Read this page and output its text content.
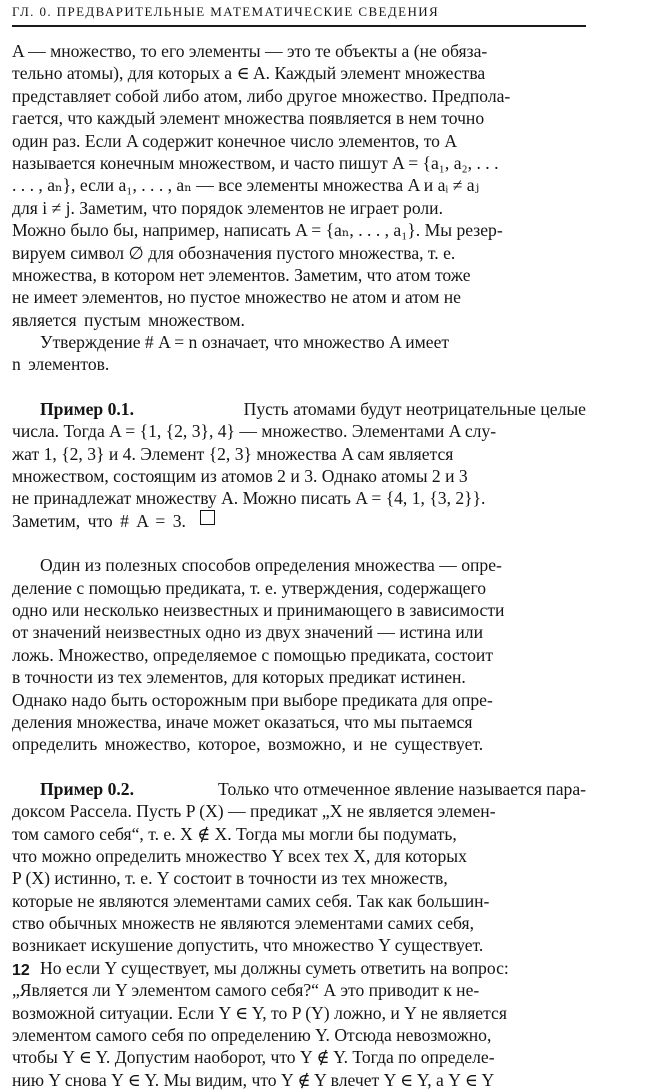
ГЛ. 0. ПРЕДВАРИТЕЛЬНЫЕ МАТЕМАТИЧЕСКИЕ СВЕДЕНИЯ
A — множество, то его элементы — это те объекты a (не обяза-
тельно атомы), для которых a ∈ A. Каждый элемент множества
представляет собой либо атом, либо другое множество. Предпола-
гается, что каждый элемент множества появляется в нем точно
один раз. Если A содержит конечное число элементов, то A
называется конечным множеством, и часто пишут A = {a₁, a₂, . . .
. . . , aₙ}, если a₁, . . . , aₙ — все элементы множества A и aᵢ ≠ aⱼ
для i ≠ j. Заметим, что порядок элементов не играет роли.
Можно было бы, например, написать A = {aₙ, . . . , a₁}. Мы резер-
вируем символ ∅ для обозначения пустого множества, т. е.
множества, в котором нет элементов. Заметим, что атом тоже
не имеет элементов, но пустое множество не атом и атом не
является пустым множеством.
Утверждение # A = n означает, что множество A имеет
n элементов.
Пример 0.1.	Пусть атомами будут неотрицательные целые
числа. Тогда A = {1, {2, 3}, 4} — множество. Элементами A слу-
жат 1, {2, 3} и 4. Элемент {2, 3} множества A сам является
множеством, состоящим из атомов 2 и 3. Однако атомы 2 и 3
не принадлежат множеству A. Можно писать A = {4, 1, {3, 2}}.
Заметим, что # A = 3.
Один из полезных способов определения множества — опре-
деление с помощью предиката, т. е. утверждения, содержащего
одно или несколько неизвестных и принимающего в зависимости
от значений неизвестных одно из двух значений — истина или
ложь. Множество, определяемое с помощью предиката, состоит
в точности из тех элементов, для которых предикат истинен.
Однако надо быть осторожным при выборе предиката для опре-
деления множества, иначе может оказаться, что мы пытаемся
определить множество, которое, возможно, и не существует.
Пример 0.2.	Только что отмеченное явление называется пара-
доксом Рассела. Пусть P (X) — предикат „X не является элемен-
том самого себя“, т. е. X ∉ X. Тогда мы могли бы подумать,
что можно определить множество Y всех тех X, для которых
P (X) истинно, т. е. Y состоит в точности из тех множеств,
которые не являются элементами самих себя. Так как большин-
ство обычных множеств не являются элементами самих себя,
возникает искушение допустить, что множество Y существует.
Но если Y существует, мы должны суметь ответить на вопрос:
„Является ли Y элементом самого себя?“ А это приводит к не-
возможной ситуации. Если Y ∈ Y, то P (Y) ложно, и Y не является
элементом самого себя по определению Y. Отсюда невозможно,
чтобы Y ∈ Y. Допустим наоборот, что Y ∉ Y. Тогда по определе-
нию Y снова Y ∈ Y. Мы видим, что Y ∉ Y влечет Y ∈ Y, а Y ∈ Y
12
